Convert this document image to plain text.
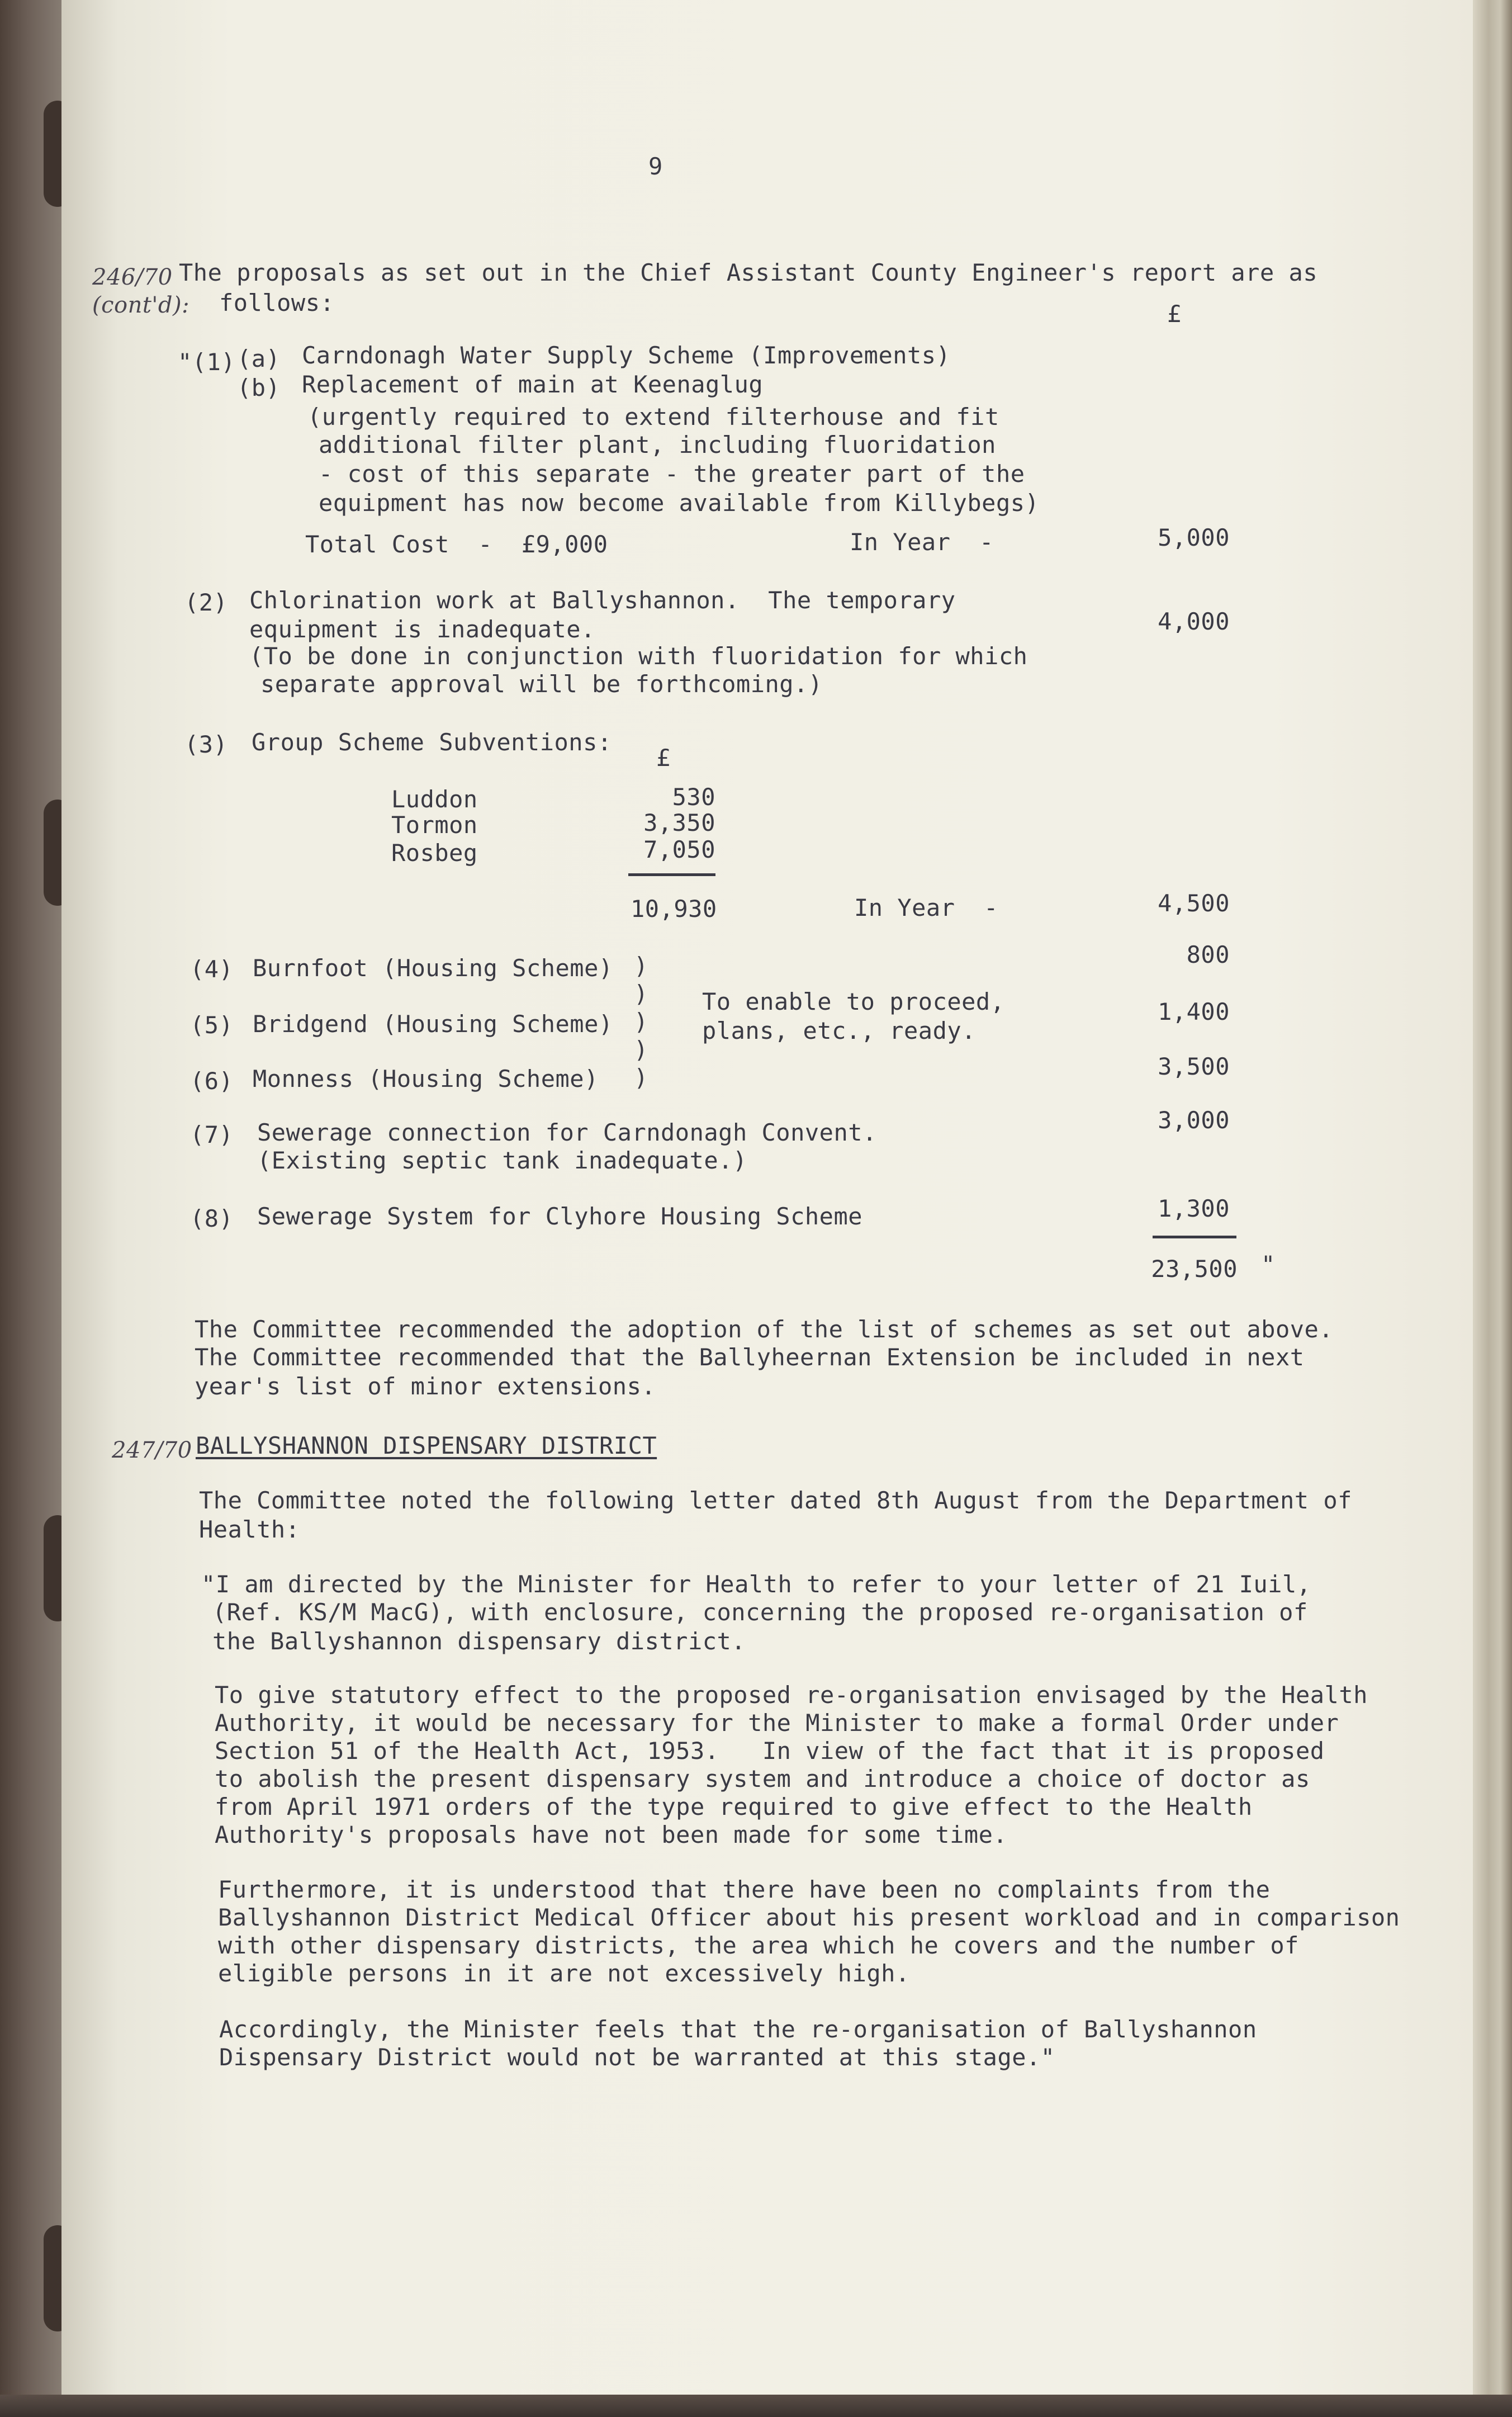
9
246/70
(cont'd):
The proposals as set out in the Chief Assistant County Engineer's report are as
follows:	£
"(1) (a) Carndonagh Water Supply Scheme (Improvements)
(b) Replacement of main at Keenaglug
(urgently required to extend filterhouse and fit
additional filter plant, including fluoridation
- cost of this separate - the greater part of the
equipment has now become available from Killybegs)
Total Cost  -  £9,000	In Year  -	5,000
(2) Chlorination work at Ballyshannon.  The temporary
equipment is inadequate.
(To be done in conjunction with fluoridation for which
separate approval will be forthcoming.)
4,000
(3) Group Scheme Subventions:
£
Luddon	530
Tormon	3,350
Rosbeg	7,050
10,930	In Year  -	4,500
(4) Burnfoot (Housing Scheme)	800
(5) Bridgend (Housing Scheme)	1,400
(6) Monness (Housing Scheme)	3,500
)
)
)
)
)
To enable to proceed,
plans, etc., ready.
(7) Sewerage connection for Carndonagh Convent.
(Existing septic tank inadequate.)
3,000
(8) Sewerage System for Clyhore Housing Scheme	1,300
23,500 "
The Committee recommended the adoption of the list of schemes as set out above.
The Committee recommended that the Ballyheernan Extension be included in next
year's list of minor extensions.
247/70 BALLYSHANNON DISPENSARY DISTRICT
The Committee noted the following letter dated 8th August from the Department of
Health:
"I am directed by the Minister for Health to refer to your letter of 21 Iuil,
(Ref. KS/M MacG), with enclosure, concerning the proposed re-organisation of
the Ballyshannon dispensary district.
To give statutory effect to the proposed re-organisation envisaged by the Health
Authority, it would be necessary for the Minister to make a formal Order under
Section 51 of the Health Act, 1953.   In view of the fact that it is proposed
to abolish the present dispensary system and introduce a choice of doctor as
from April 1971 orders of the type required to give effect to the Health
Authority's proposals have not been made for some time.
Furthermore, it is understood that there have been no complaints from the
Ballyshannon District Medical Officer about his present workload and in comparison
with other dispensary districts, the area which he covers and the number of
eligible persons in it are not excessively high.
Accordingly, the Minister feels that the re-organisation of Ballyshannon
Dispensary District would not be warranted at this stage."
